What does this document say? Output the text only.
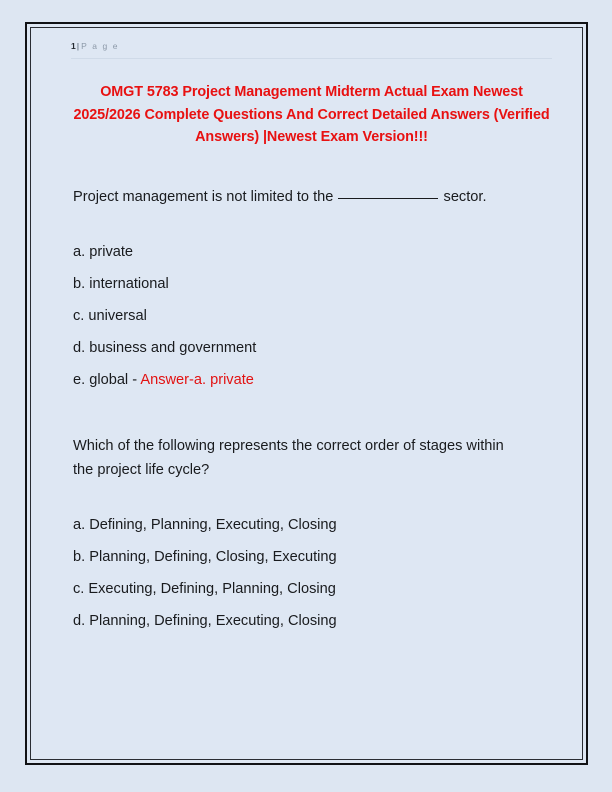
1| P a g e
OMGT 5783 Project Management Midterm Actual Exam Newest 2025/2026 Complete Questions And Correct Detailed Answers (Verified Answers) |Newest Exam Version!!!
Project management is not limited to the	sector.
a. private
b. international
c. universal
d. business and government
e. global - Answer-a. private
Which of the following represents the correct order of stages within the project life cycle?
a. Defining, Planning, Executing, Closing
b. Planning, Defining, Closing, Executing
c. Executing, Defining, Planning, Closing
d. Planning, Defining, Executing, Closing
